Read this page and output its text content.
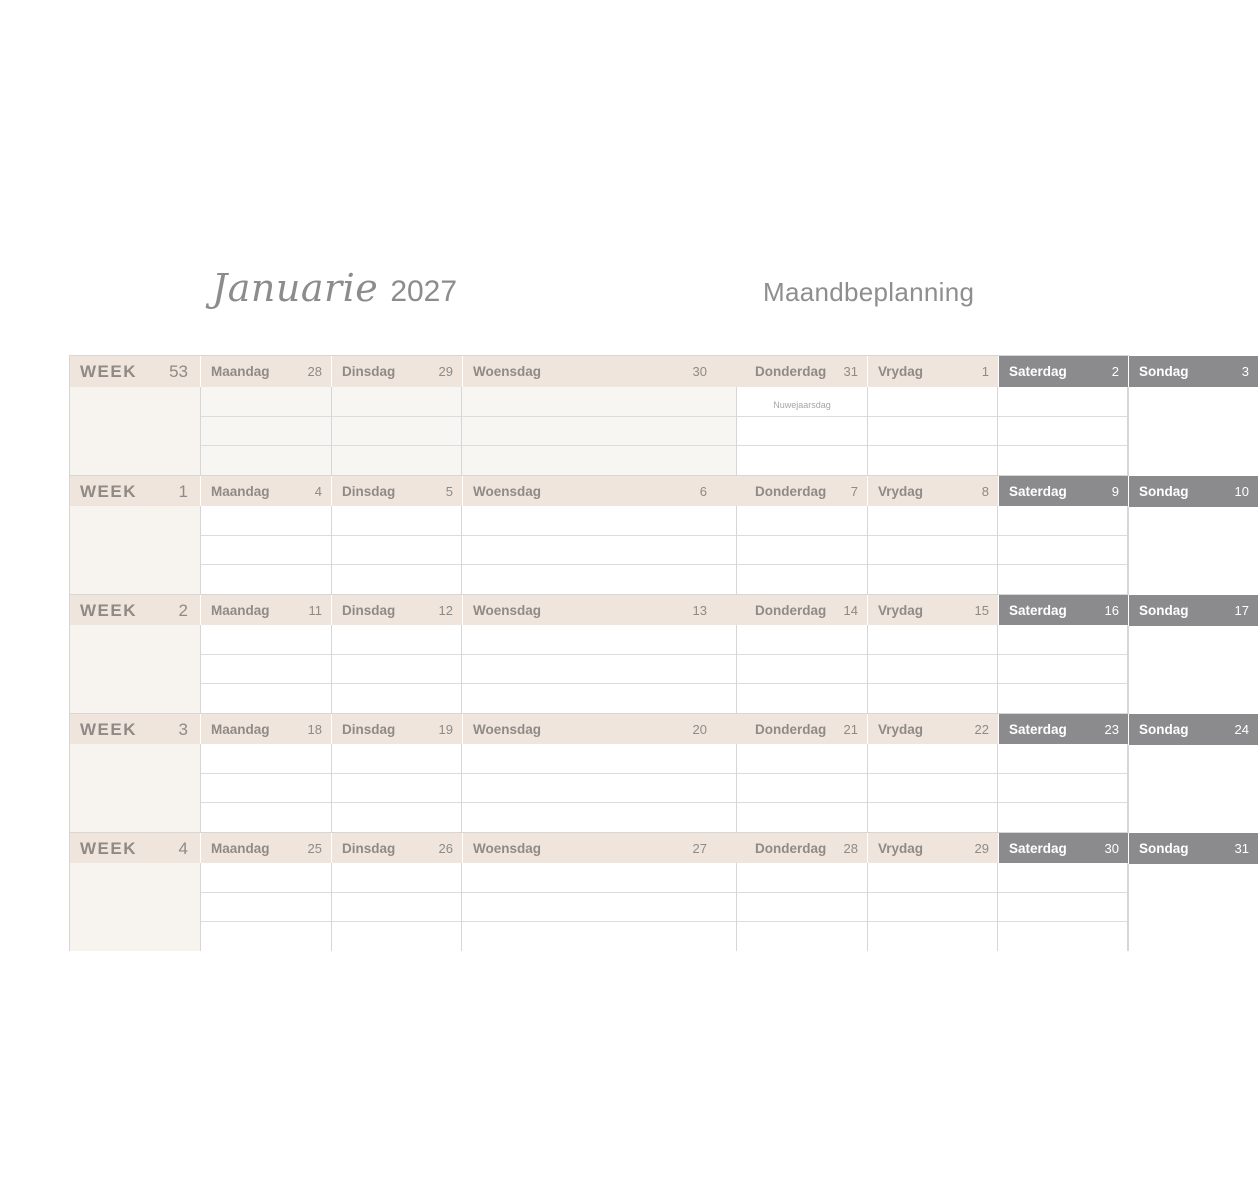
Januarie 2027	Maandbeplanning
WEEK 53 Maandag	28 Dinsdag	29 Woensdag	30	Donderdag 31 Vrydag	1 Saterdag	2 Sondag	3
Nuwejaarsdag
WEEK 1 Maandag	4 Dinsdag	5 Woensdag	6	Donderdag 7 Vrydag	8 Saterdag	9 Sondag	10
WEEK 2 Maandag	11 Dinsdag	12 Woensdag	13	Donderdag 14 Vrydag	15 Saterdag	16 Sondag	17
WEEK 3 Maandag	18 Dinsdag	19 Woensdag	20	Donderdag 21 Vrydag	22 Saterdag	23 Sondag	24
WEEK 4 Maandag	25 Dinsdag	26 Woensdag	27	Donderdag 28 Vrydag	29 Saterdag	30 Sondag	31
